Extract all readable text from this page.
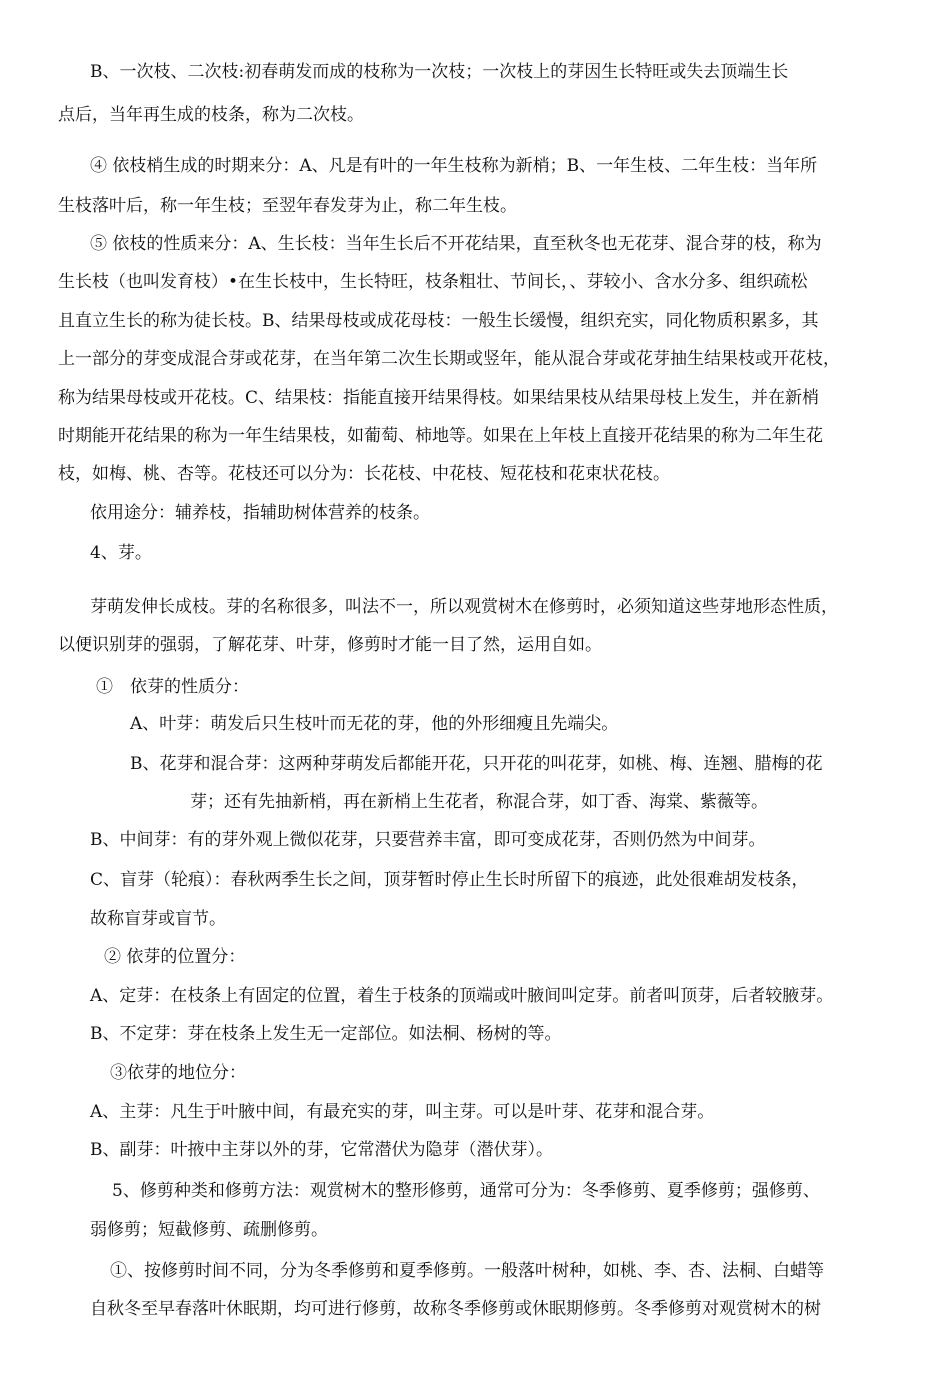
B、一次枝、二次枝:初春萌发而成的枝称为一次枝；一次枝上的芽因生长特旺或失去顶端生长
点后，当年再生成的枝条，称为二次枝。
④ 依枝梢生成的时期来分：A、凡是有叶的一年生枝称为新梢；B、一年生枝、二年生枝：当年所
生枝落叶后，称一年生枝；至翌年春发芽为止，称二年生枝。
⑤ 依枝的性质来分：A、生长枝：当年生长后不开花结果，直至秋冬也无花芽、混合芽的枝，称为
生长枝（也叫发育枝）•在生长枝中，生长特旺，枝条粗壮、节间长，、芽较小、含水分多、组织疏松
且直立生长的称为徒长枝。B、结果母枝或成花母枝：一般生长缓慢，组织充实，同化物质积累多，其
上一部分的芽变成混合芽或花芽，在当年第二次生长期或竖年，能从混合芽或花芽抽生结果枝或开花枝，
称为结果母枝或开花枝。C、结果枝：指能直接开结果得枝。如果结果枝从结果母枝上发生，并在新梢
时期能开花结果的称为一年生结果枝，如葡萄、柿地等。如果在上年枝上直接开花结果的称为二年生花
枝，如梅、桃、杏等。花枝还可以分为：长花枝、中花枝、短花枝和花束状花枝。
依用途分：辅养枝，指辅助树体营养的枝条。
4、芽。
芽萌发伸长成枝。芽的名称很多，叫法不一，所以观赏树木在修剪时，必须知道这些芽地形态性质，
以便识别芽的强弱，了解花芽、叶芽，修剪时才能一目了然，运用自如。
①　依芽的性质分：
A、叶芽：萌发后只生枝叶而无花的芽，他的外形细瘦且先端尖。
B、花芽和混合芽：这两种芽萌发后都能开花，只开花的叫花芽，如桃、梅、连翘、腊梅的花
芽；还有先抽新梢，再在新梢上生花者，称混合芽，如丁香、海棠、紫薇等。
B、中间芽：有的芽外观上微似花芽，只要营养丰富，即可变成花芽，否则仍然为中间芽。
C、盲芽（轮痕）：春秋两季生长之间，顶芽暂时停止生长时所留下的痕迹，此处很难胡发枝条，
故称盲芽或盲节。
② 依芽的位置分：
A、定芽：在枝条上有固定的位置，着生于枝条的顶端或叶腋间叫定芽。前者叫顶芽，后者较腋芽。
B、不定芽：芽在枝条上发生无一定部位。如法桐、杨树的等。
③依芽的地位分：
A、主芽：凡生于叶腋中间，有最充实的芽，叫主芽。可以是叶芽、花芽和混合芽。
B、副芽：叶掖中主芽以外的芽，它常潜伏为隐芽（潜伏芽）。
5、修剪种类和修剪方法：观赏树木的整形修剪，通常可分为：冬季修剪、夏季修剪；强修剪、
弱修剪；短截修剪、疏删修剪。
①、按修剪时间不同，分为冬季修剪和夏季修剪。一般落叶树种，如桃、李、杏、法桐、白蜡等
自秋冬至早春落叶休眠期，均可进行修剪，故称冬季修剪或休眠期修剪。冬季修剪对观赏树木的树
